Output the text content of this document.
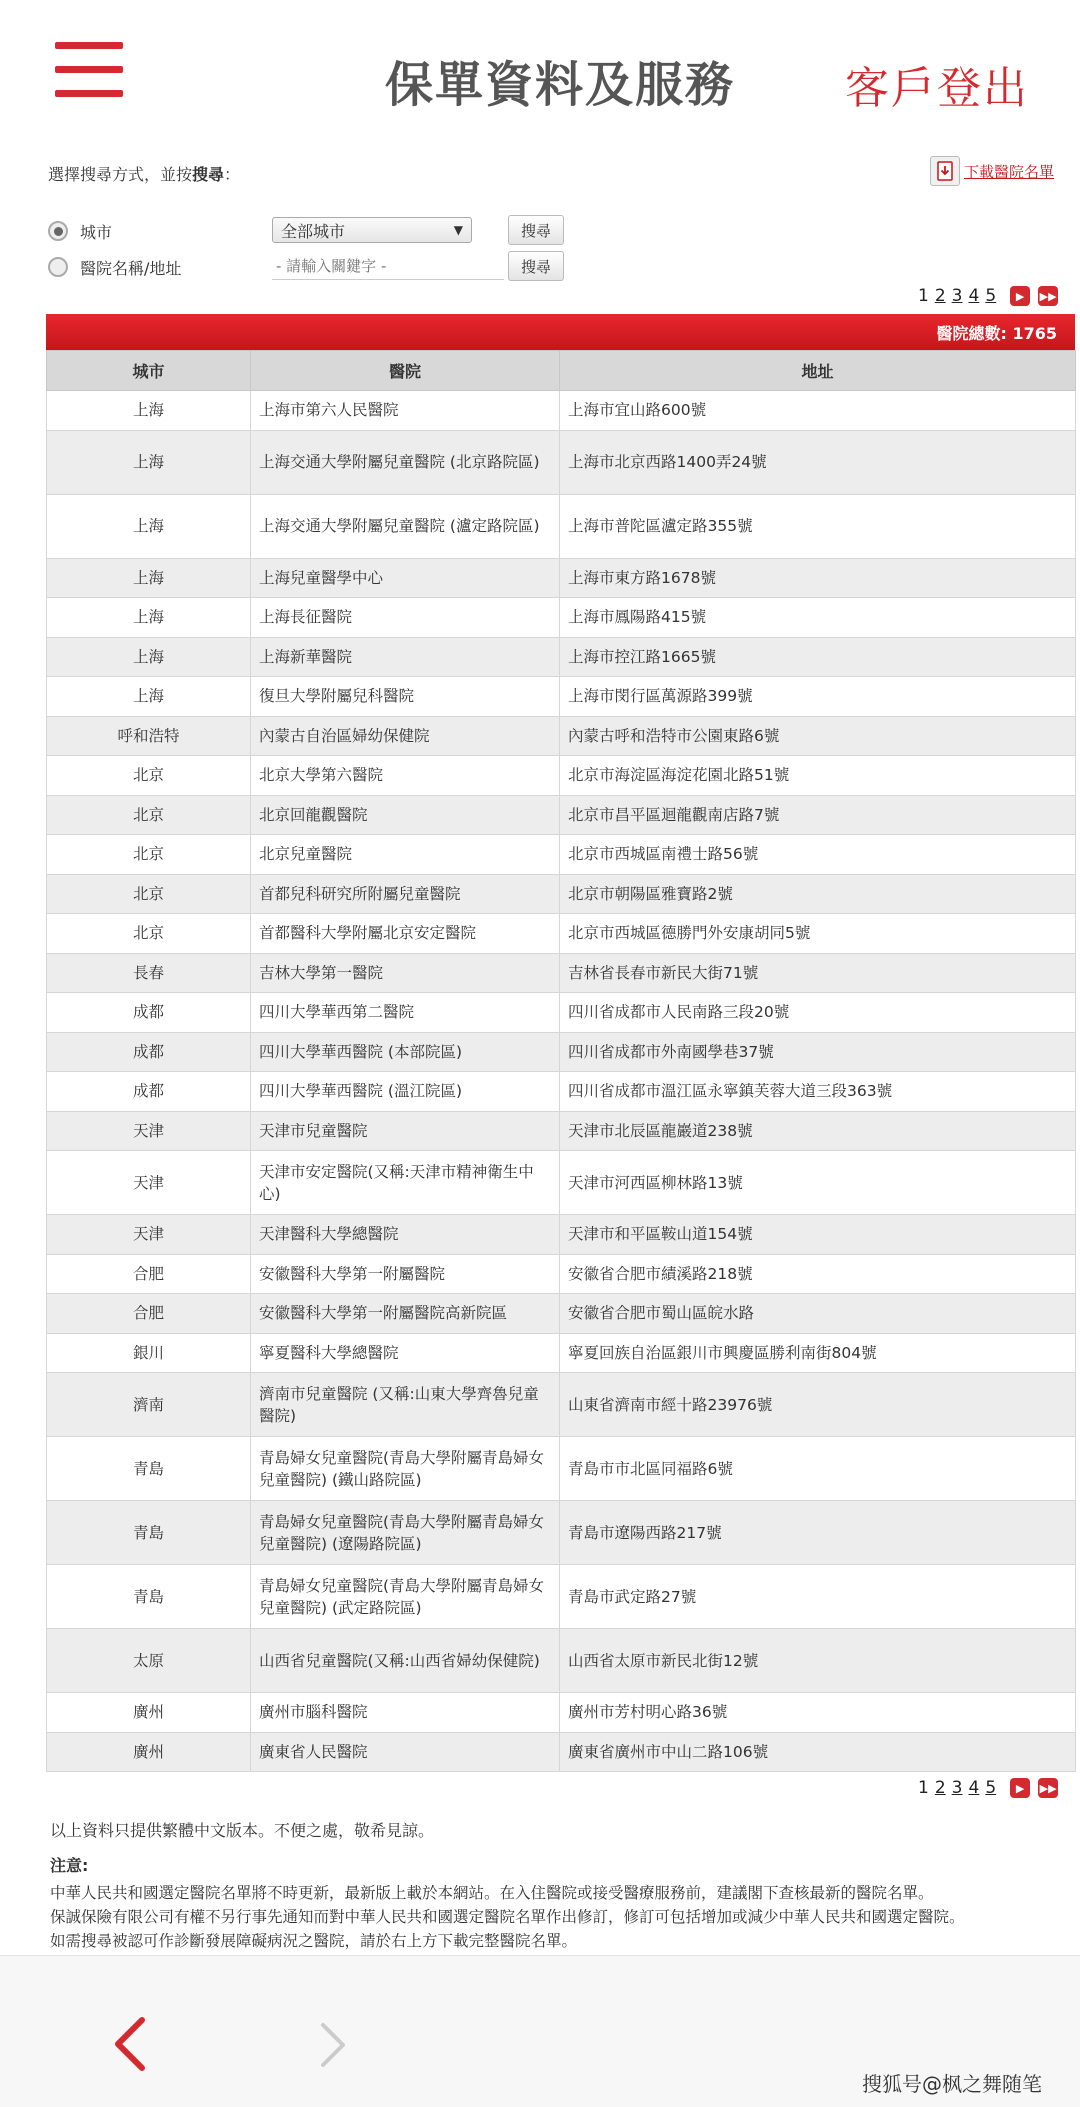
保單資料及服務 客戶登出
選擇搜尋方式，並按搜尋：	下載醫院名單
城市
醫院名稱/地址
全部城市	▼	搜尋
- 請輸入關鍵字 -
搜尋
1 2 3 4 5	▶	▶▶
醫院總數: 1765
城市	醫院	地址
上海	上海市第六人民醫院	上海市宜山路600號
上海	上海交通大學附屬兒童醫院 (北京路院區)	上海市北京西路1400弄24號
上海	上海交通大學附屬兒童醫院 (瀘定路院區)	上海市普陀區瀘定路355號
上海	上海兒童醫學中心	上海市東方路1678號
上海	上海長征醫院	上海市鳳陽路415號
上海	上海新華醫院	上海市控江路1665號
上海	復旦大學附屬兒科醫院	上海市閔行區萬源路399號
呼和浩特	內蒙古自治區婦幼保健院	內蒙古呼和浩特市公園東路6號
北京	北京大學第六醫院	北京市海淀區海淀花園北路51號
北京	北京回龍觀醫院	北京市昌平區迴龍觀南店路7號
北京	北京兒童醫院	北京市西城區南禮士路56號
北京	首都兒科研究所附屬兒童醫院	北京市朝陽區雅寶路2號
北京	首都醫科大學附屬北京安定醫院	北京市西城區德勝門外安康胡同5號
長春	吉林大學第一醫院	吉林省長春市新民大街71號
成都	四川大學華西第二醫院	四川省成都市人民南路三段20號
成都	四川大學華西醫院 (本部院區)	四川省成都市外南國學巷37號
成都	四川大學華西醫院 (溫江院區)	四川省成都市溫江區永寧鎮芙蓉大道三段363號
天津	天津市兒童醫院	天津市北辰區龍巖道238號
天津	天津市安定醫院(又稱:天津市精神衛生中心)	天津市河西區柳林路13號
天津	天津醫科大學總醫院	天津市和平區鞍山道154號
合肥	安徽醫科大學第一附屬醫院	安徽省合肥市績溪路218號
合肥	安徽醫科大學第一附屬醫院高新院區	安徽省合肥市蜀山區皖水路
銀川	寧夏醫科大學總醫院	寧夏回族自治區銀川市興慶區勝利南街804號
濟南	濟南市兒童醫院 (又稱:山東大學齊魯兒童醫院)	山東省濟南市經十路23976號
青島	青島婦女兒童醫院(青島大學附屬青島婦女兒童醫院) (鐵山路院區)	青島市市北區同福路6號
青島	青島婦女兒童醫院(青島大學附屬青島婦女兒童醫院) (遼陽路院區)	青島市遼陽西路217號
青島	青島婦女兒童醫院(青島大學附屬青島婦女兒童醫院) (武定路院區)	青島市武定路27號
太原	山西省兒童醫院(又稱:山西省婦幼保健院)	山西省太原市新民北街12號
廣州	廣州市腦科醫院	廣州市芳村明心路36號
廣州	廣東省人民醫院	廣東省廣州市中山二路106號
1 2 3 4 5	▶	▶▶
以上資料只提供繁體中文版本。不便之處，敬希見諒。
注意:
中華人民共和國選定醫院名單將不時更新，最新版上載於本網站。在入住醫院或接受醫療服務前，建議閣下查核最新的醫院名單。
保誠保險有限公司有權不另行事先通知而對中華人民共和國選定醫院名單作出修訂，修訂可包括增加或減少中華人民共和國選定醫院。
如需搜尋被認可作診斷發展障礙病況之醫院，請於右上方下載完整醫院名單。
搜狐号@枫之舞随笔
